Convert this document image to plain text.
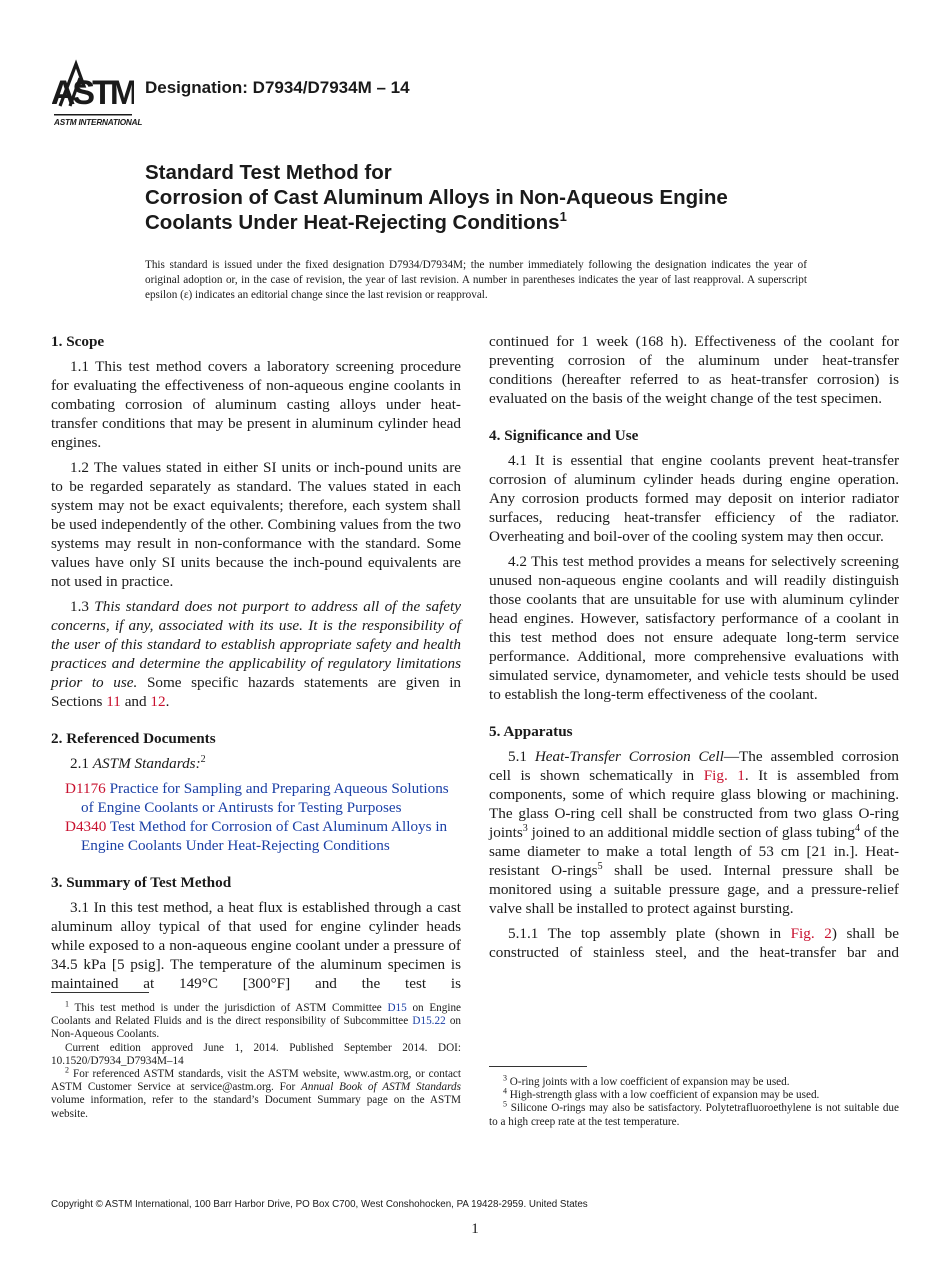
ASTM
ASTM INTERNATIONAL
Designation: D7934/D7934M – 14
Standard Test Method for
Corrosion of Cast Aluminum Alloys in Non-Aqueous Engine
Coolants Under Heat-Rejecting Conditions$^1$
This standard is issued under the fixed designation D7934/D7934M; the number immediately following the designation indicates the year of original adoption or, in the case of revision, the year of last revision. A number in parentheses indicates the year of last reapproval. A superscript epsilon (ε) indicates an editorial change since the last revision or reapproval.
1. Scope

1.1 This test method covers a laboratory screening procedure for evaluating the effectiveness of non-aqueous engine coolants in combating corrosion of aluminum casting alloys under heat-transfer conditions that may be present in aluminum cylinder head engines.

1.2 The values stated in either SI units or inch-pound units are to be regarded separately as standard. The values stated in each system may not be exact equivalents; therefore, each system shall be used independently of the other. Combining values from the two systems may result in non-conformance with the standard. Some values have only SI units because the inch-pound equivalents are not used in practice.

1.3 This standard does not purport to address all of the safety concerns, if any, associated with its use. It is the responsibility of the user of this standard to establish appropriate safety and health practices and determine the applicability of regulatory limitations prior to use. Some specific hazards statements are given in Sections 11 and 12.

2. Referenced Documents

2.1 ASTM Standards:$^2$

D1176 Practice for Sampling and Preparing Aqueous Solutions of Engine Coolants or Antirusts for Testing Purposes
D4340 Test Method for Corrosion of Cast Aluminum Alloys in Engine Coolants Under Heat-Rejecting Conditions
3. Summary of Test Method

3.1 In this test method, a heat flux is established through a cast aluminum alloy typical of that used for engine cylinder heads while exposed to a non-aqueous engine coolant under a pressure of 34.5 kPa [5 psig]. The temperature of the aluminum specimen is maintained at 149°C [300°F] and the test is

$^1$ This test method is under the jurisdiction of ASTM Committee D15 on Engine Coolants and Related Fluids and is the direct responsibility of Subcommittee D15.22 on Non-Aqueous Coolants.

Current edition approved June 1, 2014. Published September 2014. DOI: 10.1520/D7934_D7934M–14

$^2$ For referenced ASTM standards, visit the ASTM website, www.astm.org, or contact ASTM Customer Service at service@astm.org. For Annual Book of ASTM Standards volume information, refer to the standard’s Document Summary page on the ASTM website.

continued for 1 week (168 h). Effectiveness of the coolant for preventing corrosion of the aluminum under heat-transfer conditions (hereafter referred to as heat-transfer corrosion) is evaluated on the basis of the weight change of the test specimen.

4. Significance and Use

4.1 It is essential that engine coolants prevent heat-transfer corrosion of aluminum cylinder heads during engine operation. Any corrosion products formed may deposit on interior radiator surfaces, reducing heat-transfer efficiency of the radiator. Overheating and boil-over of the cooling system may then occur.

4.2 This test method provides a means for selectively screening unused non-aqueous engine coolants and will readily distinguish those coolants that are unsuitable for use with aluminum cylinder head engines. However, satisfactory performance of a coolant in this test method does not ensure adequate long-term service performance. Additional, more comprehensive evaluations with simulated service, dynamometer, and vehicle tests should be used to establish the long-term effectiveness of the coolant.

5. Apparatus

5.1 Heat-Transfer Corrosion Cell—The assembled corrosion cell is shown schematically in Fig. 1. It is assembled from components, some of which require glass blowing or machining. The glass O-ring cell shall be constructed from two glass O-ring joints$^3$ joined to an additional middle section of glass tubing$^4$ of the same diameter to make a total length of 53 cm [21 in.]. Heat-resistant O-rings$^5$ shall be used. Internal pressure shall be monitored using a suitable pressure gage, and a pressure-relief valve shall be installed to protect against bursting.

5.1.1 The top assembly plate (shown in Fig. 2) shall be constructed of stainless steel, and the heat-transfer bar and

$^3$ O-ring joints with a low coefficient of expansion may be used.

$^4$ High-strength glass with a low coefficient of expansion may be used.

$^5$ Silicone O-rings may also be satisfactory. Polytetrafluoroethylene is not suitable due to a high creep rate at the test temperature.

Copyright © ASTM International, 100 Barr Harbor Drive, PO Box C700, West Conshohocken, PA 19428-2959. United States
1
